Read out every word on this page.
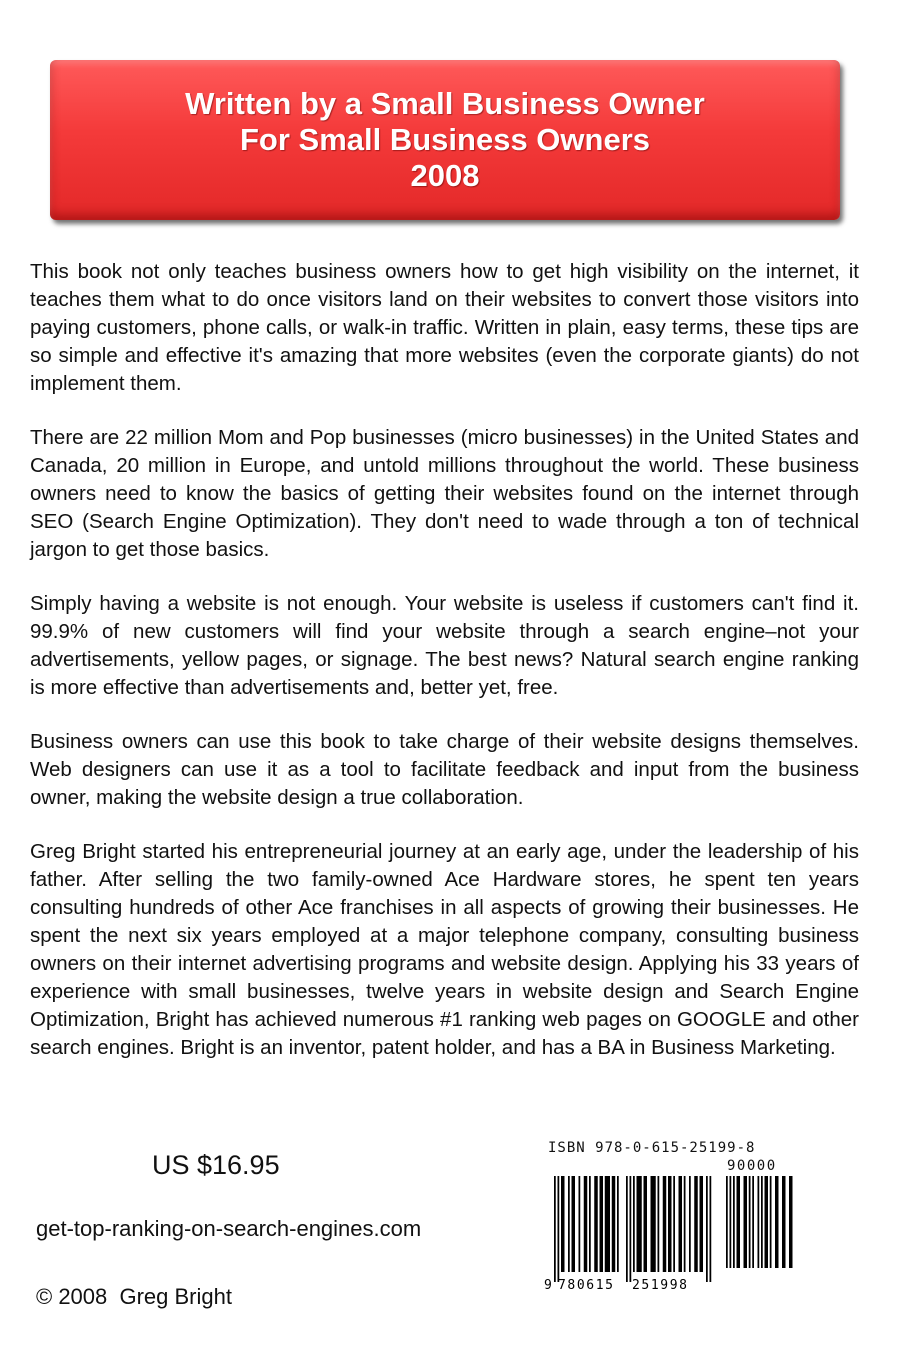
Written by a Small Business Owner
For Small Business Owners
2008

This book not only teaches business owners how to get high visibility on the internet, it teaches them what to do once visitors land on their websites to convert those visitors into paying customers, phone calls, or walk-in traffic. Written in plain, easy terms, these tips are so simple and effective it's amazing that more websites (even the corporate giants) do not implement them.

There are 22 million Mom and Pop businesses (micro businesses) in the United States and Canada, 20 million in Europe, and untold millions throughout the world. These business owners need to know the basics of getting their websites found on the internet through SEO (Search Engine Optimization). They don't need to wade through a ton of technical jargon to get those basics.

Simply having a website is not enough. Your website is useless if customers can't find it. 99.9% of new customers will find your website through a search engine–not your advertisements, yellow pages, or signage. The best news? Natural search engine ranking is more effective than advertisements and, better yet, free.

Business owners can use this book to take charge of their website designs themselves. Web designers can use it as a tool to facilitate feedback and input from the business owner, making the website design a true collaboration.

Greg Bright started his entrepreneurial journey at an early age, under the leadership of his father. After selling the two family-owned Ace Hardware stores, he spent ten years consulting hundreds of other Ace franchises in all aspects of growing their businesses. He spent the next six years employed at a major telephone company, consulting business owners on their internet advertising programs and website design. Applying his 33 years of experience with small businesses, twelve years in website design and Search Engine Optimization, Bright has achieved numerous #1 ranking web pages on GOOGLE and other search engines. Bright is an inventor, patent holder, and has a BA in Business Marketing.

US $16.95
get-top-ranking-on-search-engines.com
© 2008  Greg Bright
ISBN 978-0-615-25199-8
90000
9 780615 251998
